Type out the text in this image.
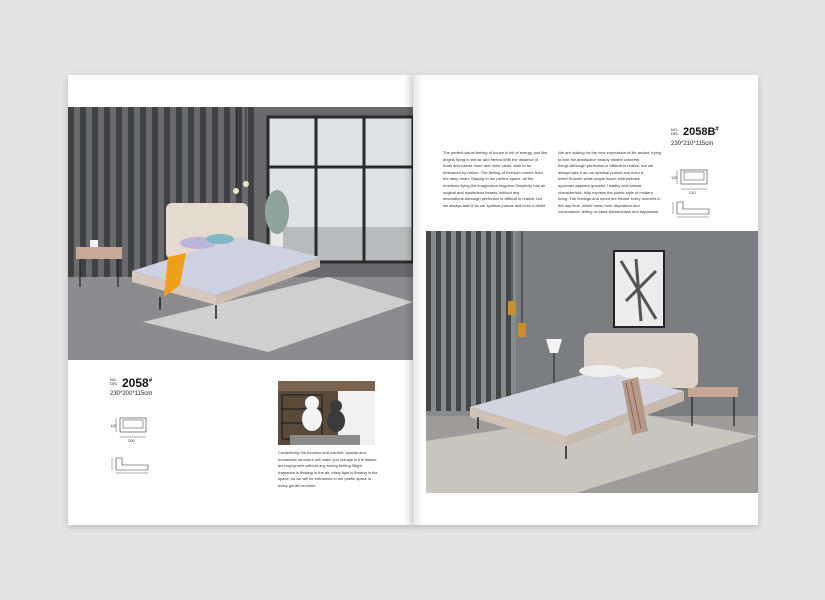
NO.
DEL 2058#
230*200*115cm
115
200
Considering the function and comfort, special and humanistic structure will make you indulge in the leisure and enjoyment without any boring feeling.Slight fragrance is floating in the air, misty light is flowing in the space, so we will be entranced in the poetic space in every gentle moment.
The perfect visual feeling of house is full of energy, just like angels flying in the air and freeon.With the distance of heart and nature more and more close, wish to be embraced by nature. The feeling of freedom comes from the deep heart. Staying in the perfect space, all the emotions flying the imagination kingdom.Simplicity has an original and mysterious beauty, without any decorations.Although perfection is difficult to realize, but we always take it as our spiritual pursuit and even a belief.
We are looking for the new expression of life andart, trying to turn the abstractive beauty intothe concrete things.Although perfection is difficult to realize, but we always take it as our spiritual pursuit and even a belief.Smooth white maple wood, with delicate appendix,appears graceful, healthy and natural characteristic, fully express the poetic style of modern living. The feelings and mood are thicker every moment in the day time, which need more deposition and consonance, letting us taste blessedness and happiness.
NO.
DEL 2058B#
230*210*115cm
115
210
